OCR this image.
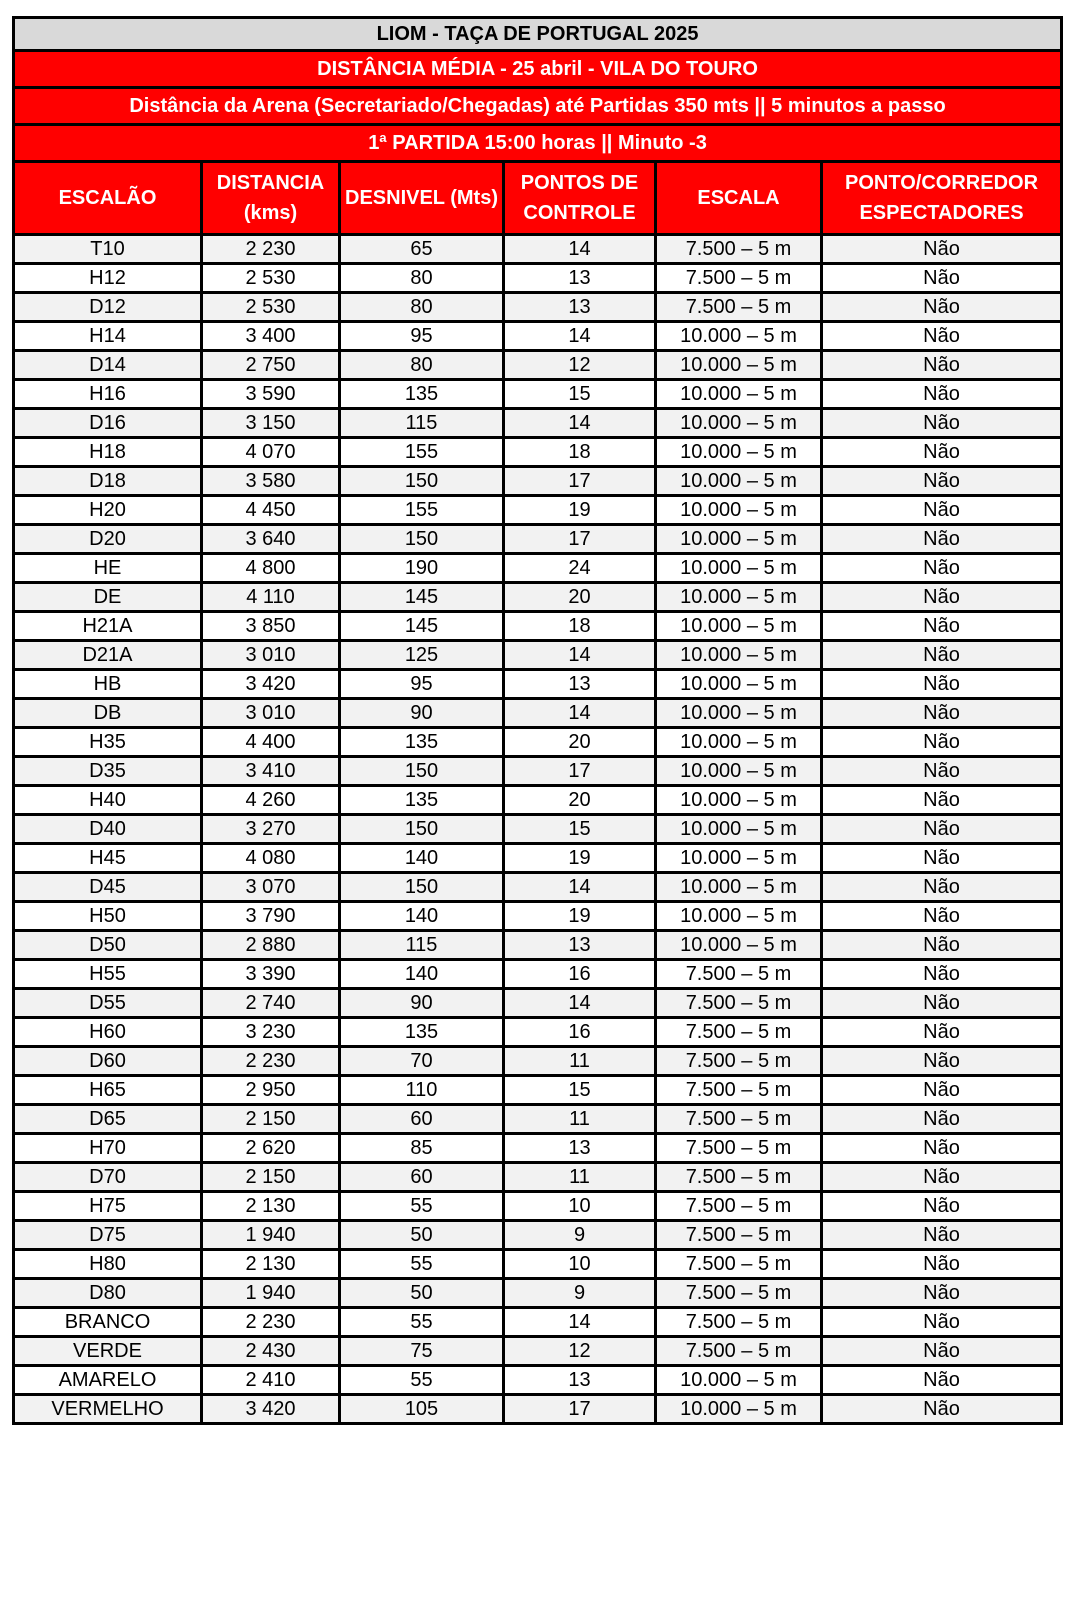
LIOM - TAÇA DE PORTUGAL 2025					
DISTÂNCIA MÉDIA - 25 abril - VILA DO TOURO					
Distância da Arena (Secretariado/Chegadas) até Partidas 350 mts || 5 minutos a passo					
1ª PARTIDA 15:00 horas || Minuto -3					
ESCALÃO	DISTANCIA (kms)	DESNIVEL (Mts)	PONTOS DE CONTROLE	ESCALA	PONTO/CORREDOR ESPECTADORES
T10	2 230	65	14	7.500 – 5 m	Não
H12	2 530	80	13	7.500 – 5 m	Não
D12	2 530	80	13	7.500 – 5 m	Não
H14	3 400	95	14	10.000 – 5 m	Não
D14	2 750	80	12	10.000 – 5 m	Não
H16	3 590	135	15	10.000 – 5 m	Não
D16	3 150	115	14	10.000 – 5 m	Não
H18	4 070	155	18	10.000 – 5 m	Não
D18	3 580	150	17	10.000 – 5 m	Não
H20	4 450	155	19	10.000 – 5 m	Não
D20	3 640	150	17	10.000 – 5 m	Não
HE	4 800	190	24	10.000 – 5 m	Não
DE	4 110	145	20	10.000 – 5 m	Não
H21A	3 850	145	18	10.000 – 5 m	Não
D21A	3 010	125	14	10.000 – 5 m	Não
HB	3 420	95	13	10.000 – 5 m	Não
DB	3 010	90	14	10.000 – 5 m	Não
H35	4 400	135	20	10.000 – 5 m	Não
D35	3 410	150	17	10.000 – 5 m	Não
H40	4 260	135	20	10.000 – 5 m	Não
D40	3 270	150	15	10.000 – 5 m	Não
H45	4 080	140	19	10.000 – 5 m	Não
D45	3 070	150	14	10.000 – 5 m	Não
H50	3 790	140	19	10.000 – 5 m	Não
D50	2 880	115	13	10.000 – 5 m	Não
H55	3 390	140	16	7.500 – 5 m	Não
D55	2 740	90	14	7.500 – 5 m	Não
H60	3 230	135	16	7.500 – 5 m	Não
D60	2 230	70	11	7.500 – 5 m	Não
H65	2 950	110	15	7.500 – 5 m	Não
D65	2 150	60	11	7.500 – 5 m	Não
H70	2 620	85	13	7.500 – 5 m	Não
D70	2 150	60	11	7.500 – 5 m	Não
H75	2 130	55	10	7.500 – 5 m	Não
D75	1 940	50	9	7.500 – 5 m	Não
H80	2 130	55	10	7.500 – 5 m	Não
D80	1 940	50	9	7.500 – 5 m	Não
BRANCO	2 230	55	14	7.500 – 5 m	Não
VERDE	2 430	75	12	7.500 – 5 m	Não
AMARELO	2 410	55	13	10.000 – 5 m	Não
VERMELHO	3 420	105	17	10.000 – 5 m	Não
